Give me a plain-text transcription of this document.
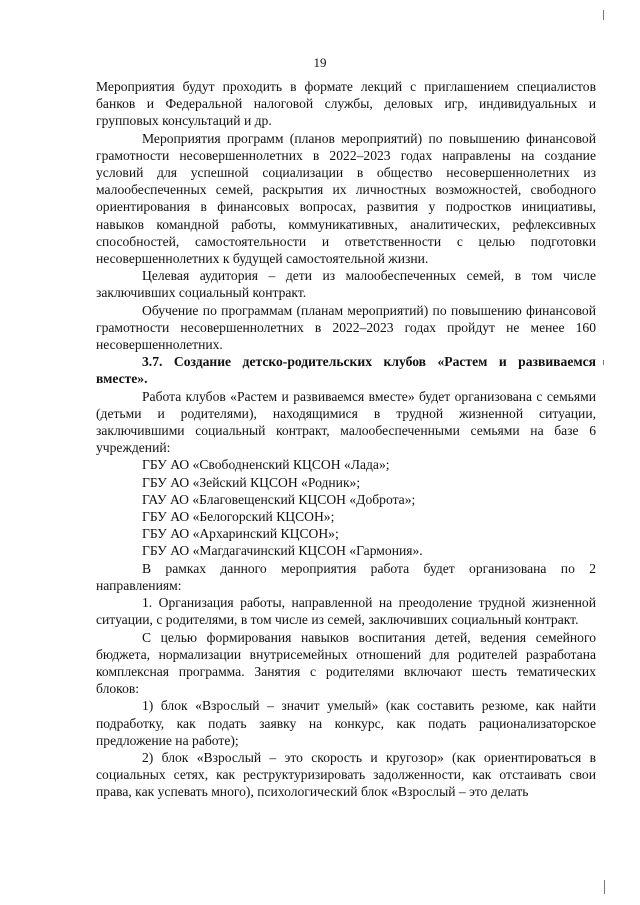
19

Мероприятия будут проходить в формате лекций с приглашением специалистов банков и Федеральной налоговой службы, деловых игр, индивидуальных и групповых консультаций и др.

Мероприятия программ (планов мероприятий) по повышению финансовой грамотности несовершеннолетних в 2022–2023 годах направлены на создание условий для успешной социализации в общество несовершеннолетних из малообеспеченных семей, раскрытия их личностных возможностей, свободного ориентирования в финансовых вопросах, развития у подростков инициативы, навыков командной работы, коммуникативных, аналитических, рефлексивных способностей, самостоятельности и ответственности с целью подготовки несовершеннолетних к будущей самостоятельной жизни.

Целевая аудитория – дети из малообеспеченных семей, в том числе заключивших социальный контракт.

Обучение по программам (планам мероприятий) по повышению финансовой грамотности несовершеннолетних в 2022–2023 годах пройдут не менее 160 несовершеннолетних.

3.7. Создание детско-родительских клубов «Растем и развиваемся вместе».

Работа клубов «Растем и развиваемся вместе» будет организована с семьями (детьми и родителями), находящимися в трудной жизненной ситуации, заключившими социальный контракт, малообеспеченными семьями на базе 6 учреждений:

ГБУ АО «Свободненский КЦСОН «Лада»;

ГБУ АО «Зейский КЦСОН «Родник»;

ГАУ АО «Благовещенский КЦСОН «Доброта»;

ГБУ АО «Белогорский КЦСОН»;

ГБУ АО «Архаринский КЦСОН»;

ГБУ АО «Магдагачинский КЦСОН «Гармония».

В рамках данного мероприятия работа будет организована по 2 направлениям:

1. Организация работы, направленной на преодоление трудной жизненной ситуации, с родителями, в том числе из семей, заключивших социальный контракт.

С целью формирования навыков воспитания детей, ведения семейного бюджета, нормализации внутрисемейных отношений для родителей разработана комплексная программа. Занятия с родителями включают шесть тематических блоков:

1) блок «Взрослый – значит умелый» (как составить резюме, как найти подработку, как подать заявку на конкурс, как подать рационализаторское предложение на работе);

2) блок «Взрослый – это скорость и кругозор» (как ориентироваться в социальных сетях, как реструктуризировать задолженности, как отстаивать свои права, как успевать много), психологический блок «Взрослый – это делать
